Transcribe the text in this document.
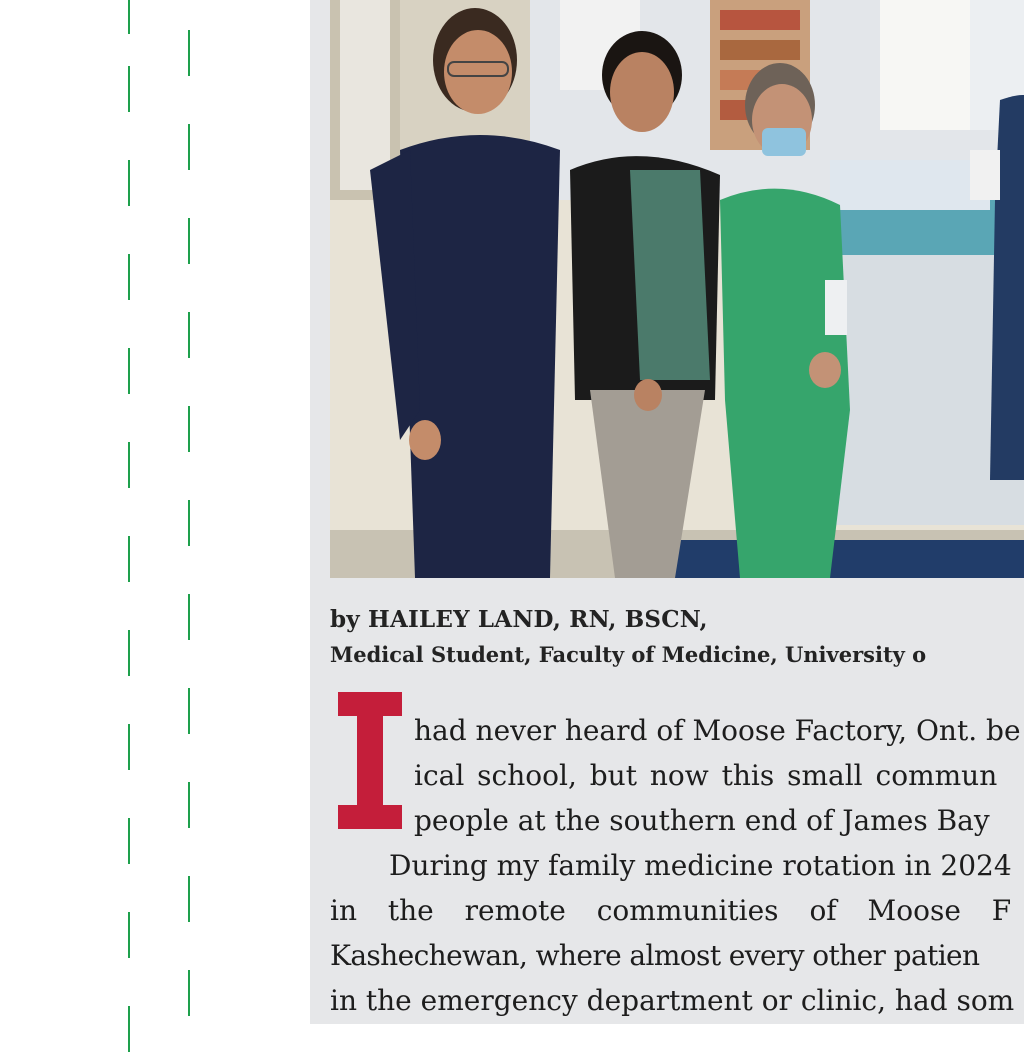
by HAILEY LAND, RN, BSCN,
Medical Student, Faculty of Medicine, University o
had never heard of Moose Factory, Ont. be
ical school, but now this small commun
people at the southern end of James Bay
During my family medicine rotation in 2024
in the remote communities of Moose F
Kashechewan, where almost every other patien
in the emergency department or clinic, had som
